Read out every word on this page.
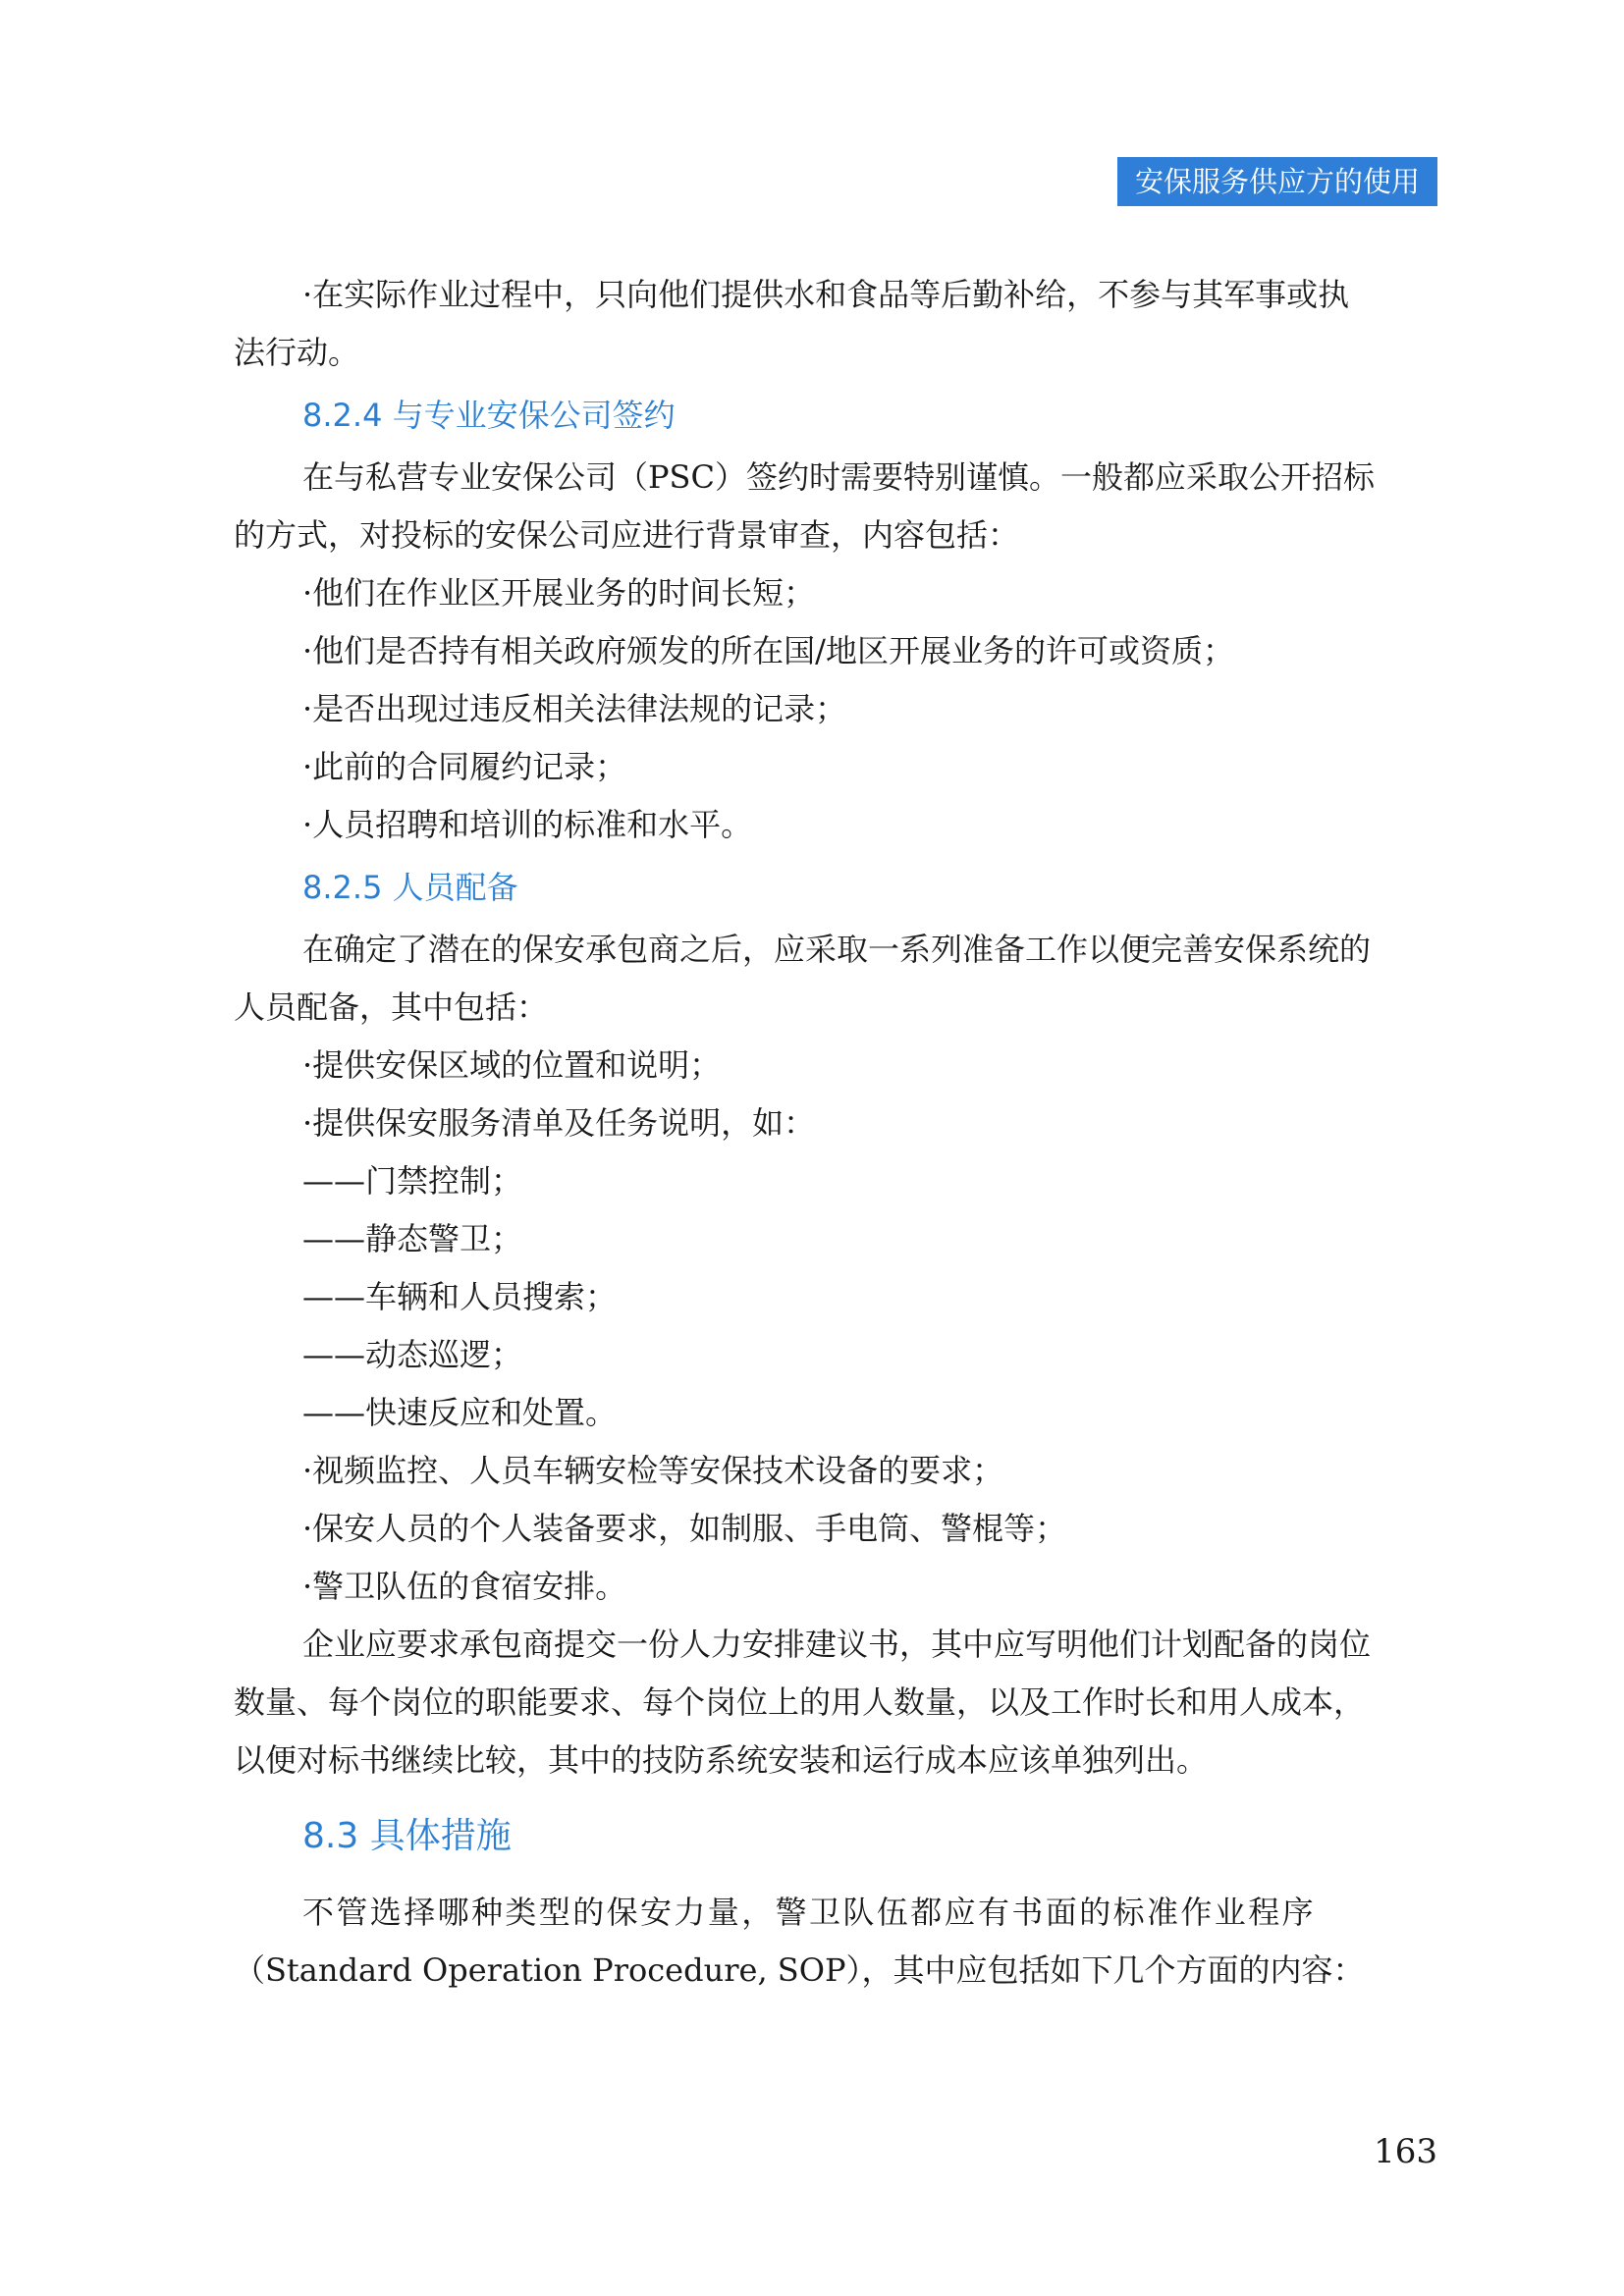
安保服务供应方的使用
·在实际作业过程中，只向他们提供水和食品等后勤补给，不参与其军事或执
法行动。
8.2.4 与专业安保公司签约
在与私营专业安保公司（PSC）签约时需要特别谨慎。一般都应采取公开招标
的方式，对投标的安保公司应进行背景审查，内容包括：
·他们在作业区开展业务的时间长短；
·他们是否持有相关政府颁发的所在国/地区开展业务的许可或资质；
·是否出现过违反相关法律法规的记录；
·此前的合同履约记录；
·人员招聘和培训的标准和水平。
8.2.5 人员配备
在确定了潜在的保安承包商之后，应采取一系列准备工作以便完善安保系统的
人员配备，其中包括：
·提供安保区域的位置和说明；
·提供保安服务清单及任务说明，如：
——门禁控制；
——静态警卫；
——车辆和人员搜索；
——动态巡逻；
——快速反应和处置。
·视频监控、人员车辆安检等安保技术设备的要求；
·保安人员的个人装备要求，如制服、手电筒、警棍等；
·警卫队伍的食宿安排。
企业应要求承包商提交一份人力安排建议书，其中应写明他们计划配备的岗位
数量、每个岗位的职能要求、每个岗位上的用人数量，以及工作时长和用人成本，
以便对标书继续比较，其中的技防系统安装和运行成本应该单独列出。
8.3 具体措施
不管选择哪种类型的保安力量，警卫队伍都应有书面的标准作业程序
（Standard Operation Procedure, SOP），其中应包括如下几个方面的内容：
163
